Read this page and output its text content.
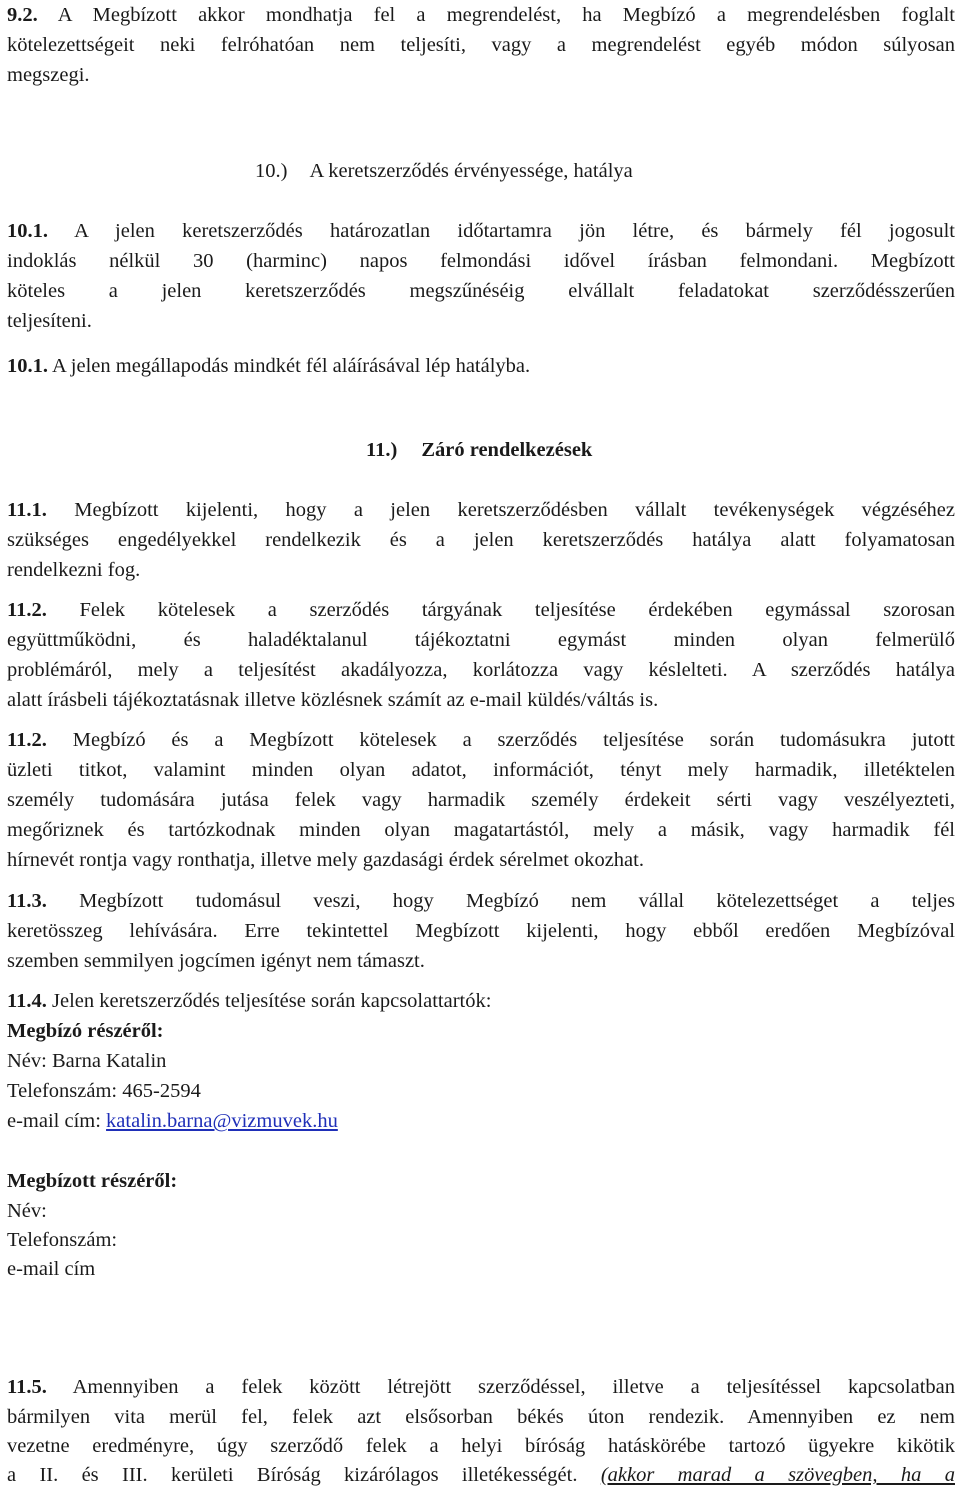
9.2. A Megbízott akkor mondhatja fel a megrendelést, ha Megbízó a megrendelésben foglalt
kötelezettségeit neki felróhatóan nem teljesíti, vagy a megrendelést egyéb módon súlyosan
megszegi.
10.) A keretszerződés érvényessége, hatálya
10.1. A jelen keretszerződés határozatlan időtartamra jön létre, és bármely fél jogosult
indoklás nélkül 30 (harminc) napos felmondási idővel írásban felmondani. Megbízott
köteles a jelen keretszerződés megszűnéséig elvállalt feladatokat szerződésszerűen
teljesíteni.
10.1. A jelen megállapodás mindkét fél aláírásával lép hatályba.
11.) Záró rendelkezések
11.1. Megbízott kijelenti, hogy a jelen keretszerződésben vállalt tevékenységek végzéséhez
szükséges engedélyekkel rendelkezik és a jelen keretszerződés hatálya alatt folyamatosan
rendelkezni fog.
11.2. Felek kötelesek a szerződés tárgyának teljesítése érdekében egymással szorosan
együttműködni, és haladéktalanul tájékoztatni egymást minden olyan felmerülő
problémáról, mely a teljesítést akadályozza, korlátozza vagy késlelteti. A szerződés hatálya
alatt írásbeli tájékoztatásnak illetve közlésnek számít az e-mail küldés/váltás is.
11.2. Megbízó és a Megbízott kötelesek a szerződés teljesítése során tudomásukra jutott
üzleti titkot, valamint minden olyan adatot, információt, tényt mely harmadik, illetéktelen
személy tudomására jutása felek vagy harmadik személy érdekeit sérti vagy veszélyezteti,
megőriznek és tartózkodnak minden olyan magatartástól, mely a másik, vagy harmadik fél
hírnevét rontja vagy ronthatja, illetve mely gazdasági érdek sérelmet okozhat.
11.3. Megbízott tudomásul veszi, hogy Megbízó nem vállal kötelezettséget a teljes
keretösszeg lehívására. Erre tekintettel Megbízott kijelenti, hogy ebből eredően Megbízóval
szemben semmilyen jogcímen igényt nem támaszt.
11.4. Jelen keretszerződés teljesítése során kapcsolattartók:
Megbízó részéről:
Név: Barna Katalin
Telefonszám: 465-2594
e-mail cím: katalin.barna@vizmuvek.hu
Megbízott részéről:
Név:
Telefonszám:
e-mail cím
11.5. Amennyiben a felek között létrejött szerződéssel, illetve a teljesítéssel kapcsolatban
bármilyen vita merül fel, felek azt elsősorban békés úton rendezik. Amennyiben ez nem
vezetne eredményre, úgy szerződő felek a helyi bíróság hatáskörébe tartozó ügyekre kikötik
a II. és III. kerületi Bíróság kizárólagos illetékességét. (akkor marad a szövegben, ha a
